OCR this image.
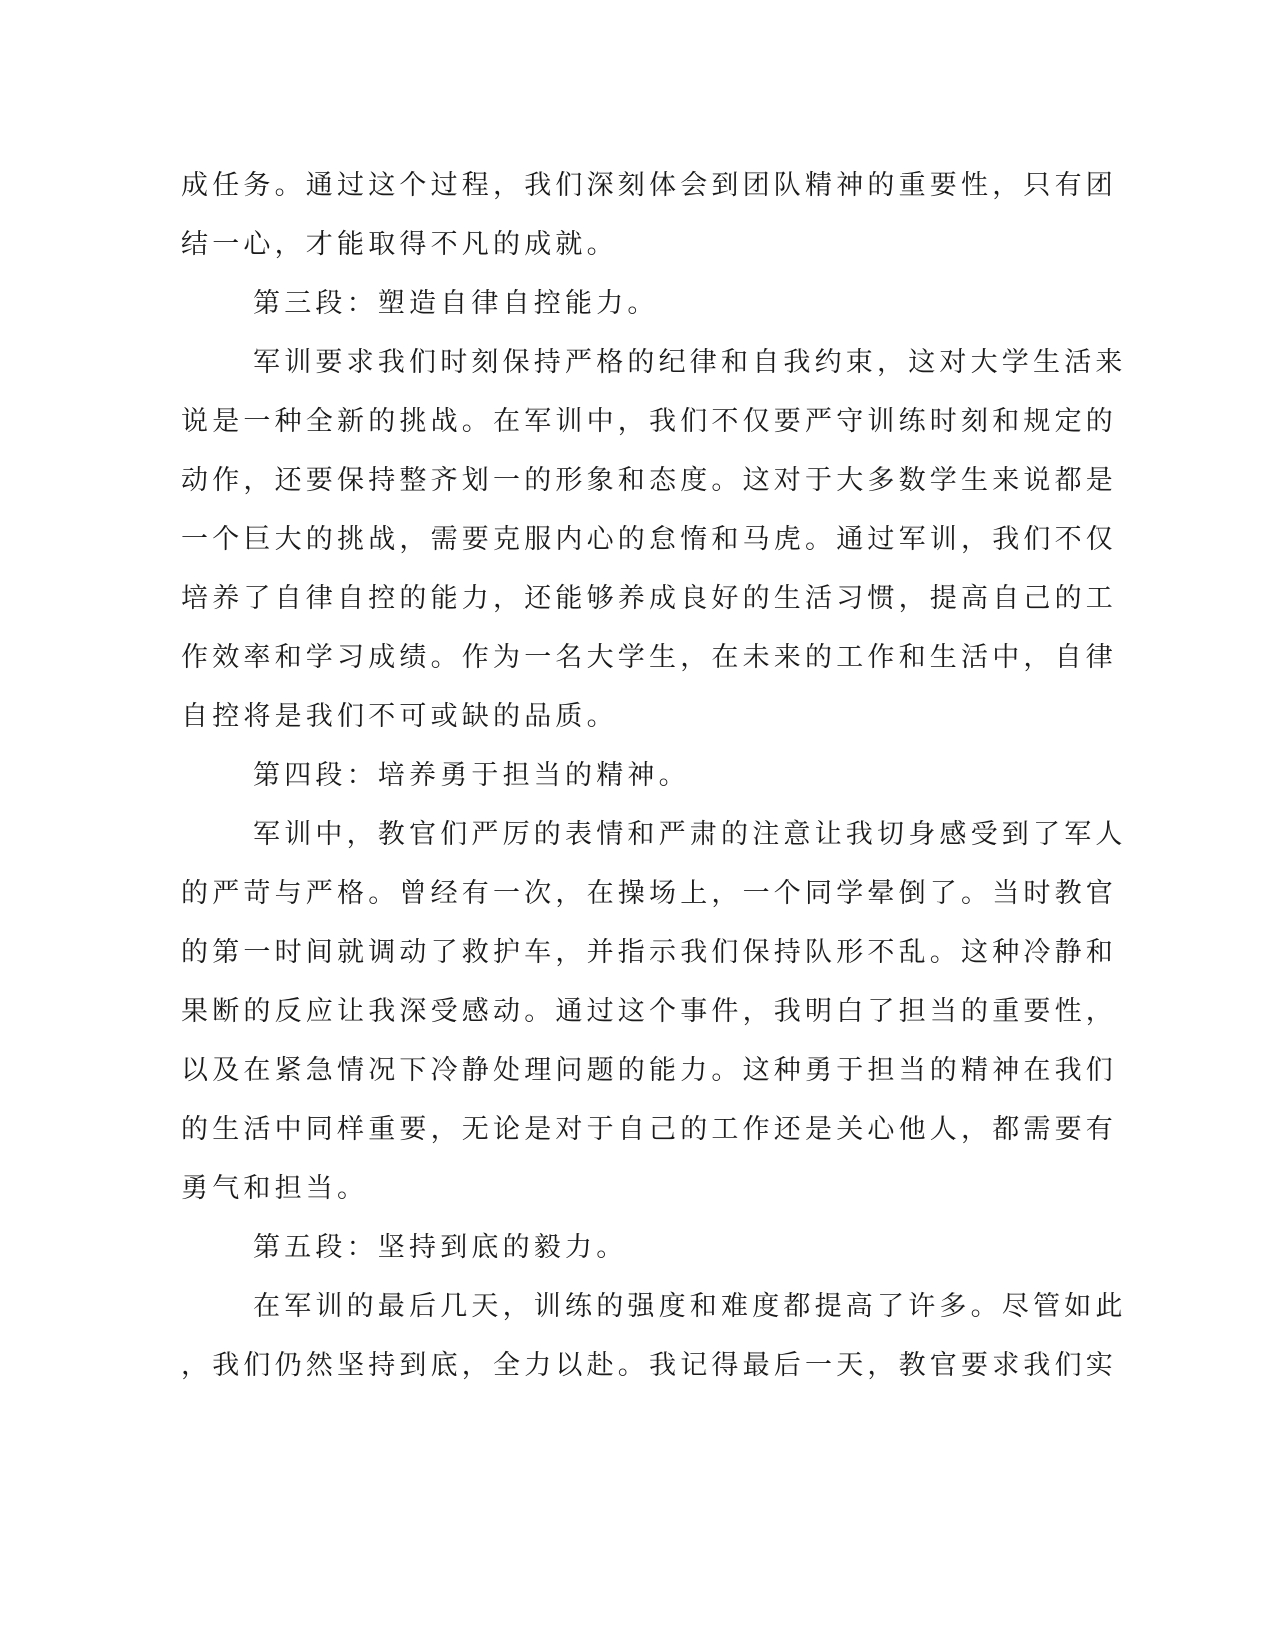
成任务。通过这个过程，我们深刻体会到团队精神的重要性，只有团
结一心，才能取得不凡的成就。
第三段：塑造自律自控能力。
军训要求我们时刻保持严格的纪律和自我约束，这对大学生活来
说是一种全新的挑战。在军训中，我们不仅要严守训练时刻和规定的
动作，还要保持整齐划一的形象和态度。这对于大多数学生来说都是
一个巨大的挑战，需要克服内心的怠惰和马虎。通过军训，我们不仅
培养了自律自控的能力，还能够养成良好的生活习惯，提高自己的工
作效率和学习成绩。作为一名大学生，在未来的工作和生活中，自律
自控将是我们不可或缺的品质。
第四段：培养勇于担当的精神。
军训中，教官们严厉的表情和严肃的注意让我切身感受到了军人
的严苛与严格。曾经有一次，在操场上，一个同学晕倒了。当时教官
的第一时间就调动了救护车，并指示我们保持队形不乱。这种冷静和
果断的反应让我深受感动。通过这个事件，我明白了担当的重要性，
以及在紧急情况下冷静处理问题的能力。这种勇于担当的精神在我们
的生活中同样重要，无论是对于自己的工作还是关心他人，都需要有
勇气和担当。
第五段：坚持到底的毅力。
在军训的最后几天，训练的强度和难度都提高了许多。尽管如此
，我们仍然坚持到底，全力以赴。我记得最后一天，教官要求我们实
